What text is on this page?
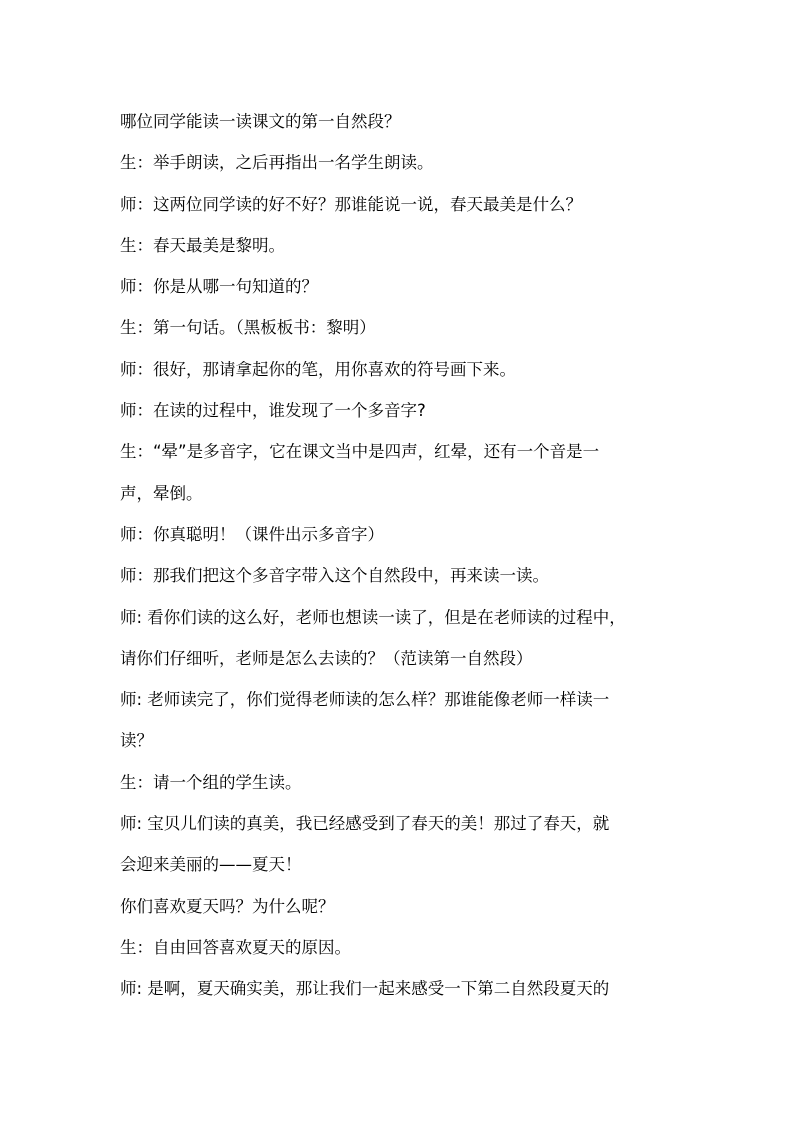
哪位同学能读一读课文的第一自然段？
生：举手朗读，之后再指出一名学生朗读。
师：这两位同学读的好不好？那谁能说一说，春天最美是什么？
生：春天最美是黎明。
师：你是从哪一句知道的？
生：第一句话。（黑板板书：黎明）
师：很好，那请拿起你的笔，用你喜欢的符号画下来。
师：在读的过程中，谁发现了一个多音字?
生：“晕”是多音字，它在课文当中是四声，红晕，还有一个音是一
声，晕倒。
师：你真聪明！（课件出示多音字）
师：那我们把这个多音字带入这个自然段中，再来读一读。
师: 看你们读的这么好，老师也想读一读了，但是在老师读的过程中，
请你们仔细听，老师是怎么去读的？（范读第一自然段）
师: 老师读完了，你们觉得老师读的怎么样？那谁能像老师一样读一
读？
生：请一个组的学生读。
师: 宝贝儿们读的真美，我已经感受到了春天的美！那过了春天，就
会迎来美丽的——夏天！
你们喜欢夏天吗？为什么呢？
生：自由回答喜欢夏天的原因。
师: 是啊，夏天确实美，那让我们一起来感受一下第二自然段夏天的
